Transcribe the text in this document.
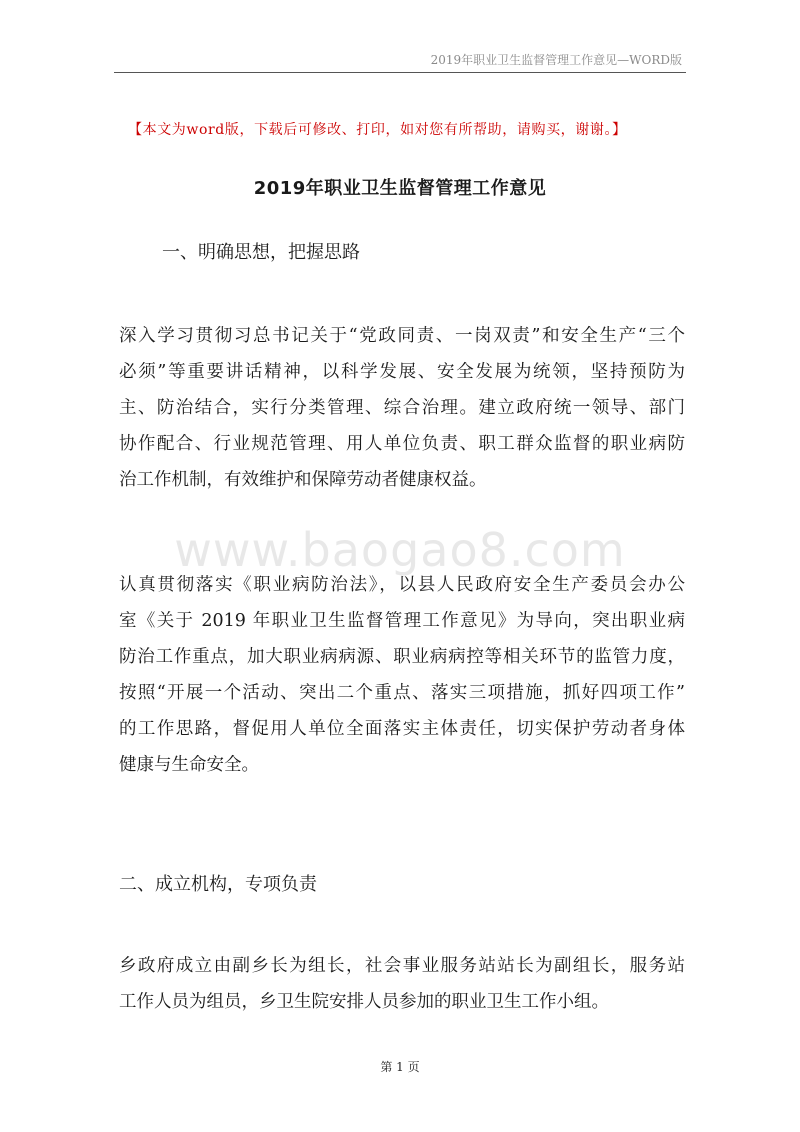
2019年职业卫生监督管理工作意见—WORD版
【本文为word版，下载后可修改、打印，如对您有所帮助，请购买，谢谢。】
2019年职业卫生监督管理工作意见
一、明确思想，把握思路

深入学习贯彻习总书记关于“党政同责、一岗双责”和安全生产“三个
必须”等重要讲话精神，以科学发展、安全发展为统领，坚持预防为
主、防治结合，实行分类管理、综合治理。建立政府统一领导、部门
协作配合、行业规范管理、用人单位负责、职工群众监督的职业病防
治工作机制，有效维护和保障劳动者健康权益。

www.baogao8.com

认真贯彻落实《职业病防治法》，以县人民政府安全生产委员会办公
室《关于 2019 年职业卫生监督管理工作意见》为导向，突出职业病
防治工作重点，加大职业病病源、职业病病控等相关环节的监管力度，
按照“开展一个活动、突出二个重点、落实三项措施，抓好四项工作”
的工作思路，督促用人单位全面落实主体责任，切实保护劳动者身体
健康与生命安全。

二、成立机构，专项负责

乡政府成立由副乡长为组长，社会事业服务站站长为副组长，服务站
工作人员为组员，乡卫生院安排人员参加的职业卫生工作小组。

第 1 页
